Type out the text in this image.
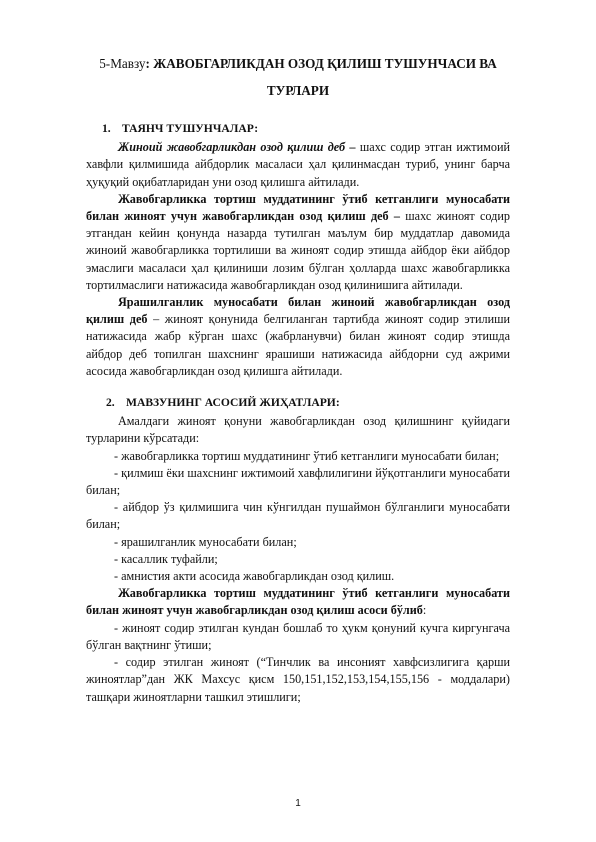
5-Мавзу: ЖАВОБГАРЛИКДАН ОЗОД ҚИЛИШ ТУШУНЧАСИ ВА ТУРЛАРИ
1. ТАЯНЧ ТУШУНЧАЛАР:

Жиноий жавобгарликдан озод қилиш деб – шахс содир этган ижтимоий хавфли қилмишида айбдорлик масаласи ҳал қилинмасдан туриб, унинг барча ҳуқуқий оқибатларидан уни озод қилишга айтилади.

Жавобгарликка тортиш муддатининг ўтиб кетганлиги муносабати билан жиноят учун жавобгарликдан озод қилиш деб – шахс жиноят содир этгандан кейин қонунда назарда тутилган маълум бир муддатлар давомида жиноий жавобгарликка тортилиши ва жиноят содир этишда айбдор ёки айбдор эмаслиги масаласи ҳал қилиниши лозим бўлган ҳолларда шахс жавобгарликка тортилмаслиги натижасида жавобгарликдан озод қилинишига айтилади.

Ярашилганлик муносабати билан жиноий жавобгарликдан озод қилиш деб – жиноят қонунида белгиланган тартибда жиноят содир этилиши натижасида жабр кўрган шахс (жабрланувчи) билан жиноят содир этишда айбдор деб топилган шахснинг ярашиши натижасида айбдорни суд ажрими асосида жавобгарликдан озод қилишга айтилади.

2. МАВЗУНИНГ АСОСИЙ ЖИҲАТЛАРИ:

Амалдаги жиноят қонуни жавобгарликдан озод қилишнинг қуйидаги турларини кўрсатади:

- жавобгарликка тортиш муддатининг ўтиб кетганлиги муносабати билан;

- қилмиш ёки шахснинг ижтимоий хавфлилигини йўқотганлиги муносабати билан;

- айбдор ўз қилмишига чин кўнгилдан пушаймон бўлганлиги муносабати билан;

- ярашилганлик муносабати билан;

- касаллик туфайли;

- амнистия акти асосида жавобгарликдан озод қилиш.

Жавобгарликка тортиш муддатининг ўтиб кетганлиги муносабати билан жиноят учун жавобгарликдан озод қилиш асоси бўлиб:

- жиноят содир этилган кундан бошлаб то ҳукм қонуний кучга киргунгача бўлган вақтнинг ўтиши;

- содир этилган жиноят (“Тинчлик ва инсоният хавфсизлигига қарши жиноятлар”дан ЖК Махсус қисм 150,151,152,153,154,155,156 - моддалари) ташқари жиноятларни ташкил этишлиги;

1
